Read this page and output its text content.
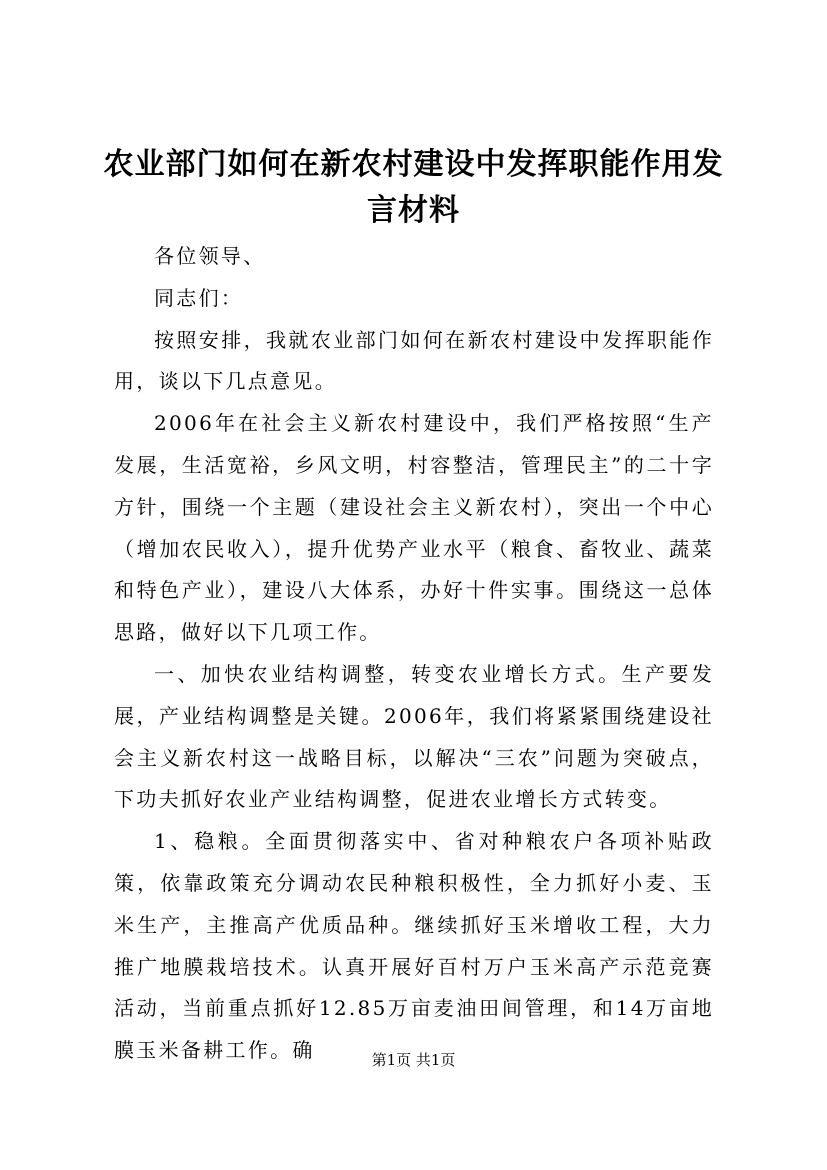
农业部门如何在新农村建设中发挥职能作用发
言材料

各位领导、

同志们：

按照安排，我就农业部门如何在新农村建设中发挥职能作用，谈以下几点意见。

2006年在社会主义新农村建设中，我们严格按照“生产发展，生活宽裕，乡风文明，村容整洁，管理民主”的二十字方针，围绕一个主题（建设社会主义新农村），突出一个中心（增加农民收入），提升优势产业水平（粮食、畜牧业、蔬菜和特色产业），建设八大体系，办好十件实事。围绕这一总体思路，做好以下几项工作。

一、加快农业结构调整，转变农业增长方式。生产要发展，产业结构调整是关键。2006年，我们将紧紧围绕建设社会主义新农村这一战略目标，以解决“三农”问题为突破点，下功夫抓好农业产业结构调整，促进农业增长方式转变。

1、稳粮。全面贯彻落实中、省对种粮农户各项补贴政策，依靠政策充分调动农民种粮积极性，全力抓好小麦、玉米生产，主推高产优质品种。继续抓好玉米增收工程，大力推广地膜栽培技术。认真开展好百村万户玉米高产示范竞赛活动，当前重点抓好12.85万亩麦油田间管理，和14万亩地膜玉米备耕工作。确	第1页 共1页
